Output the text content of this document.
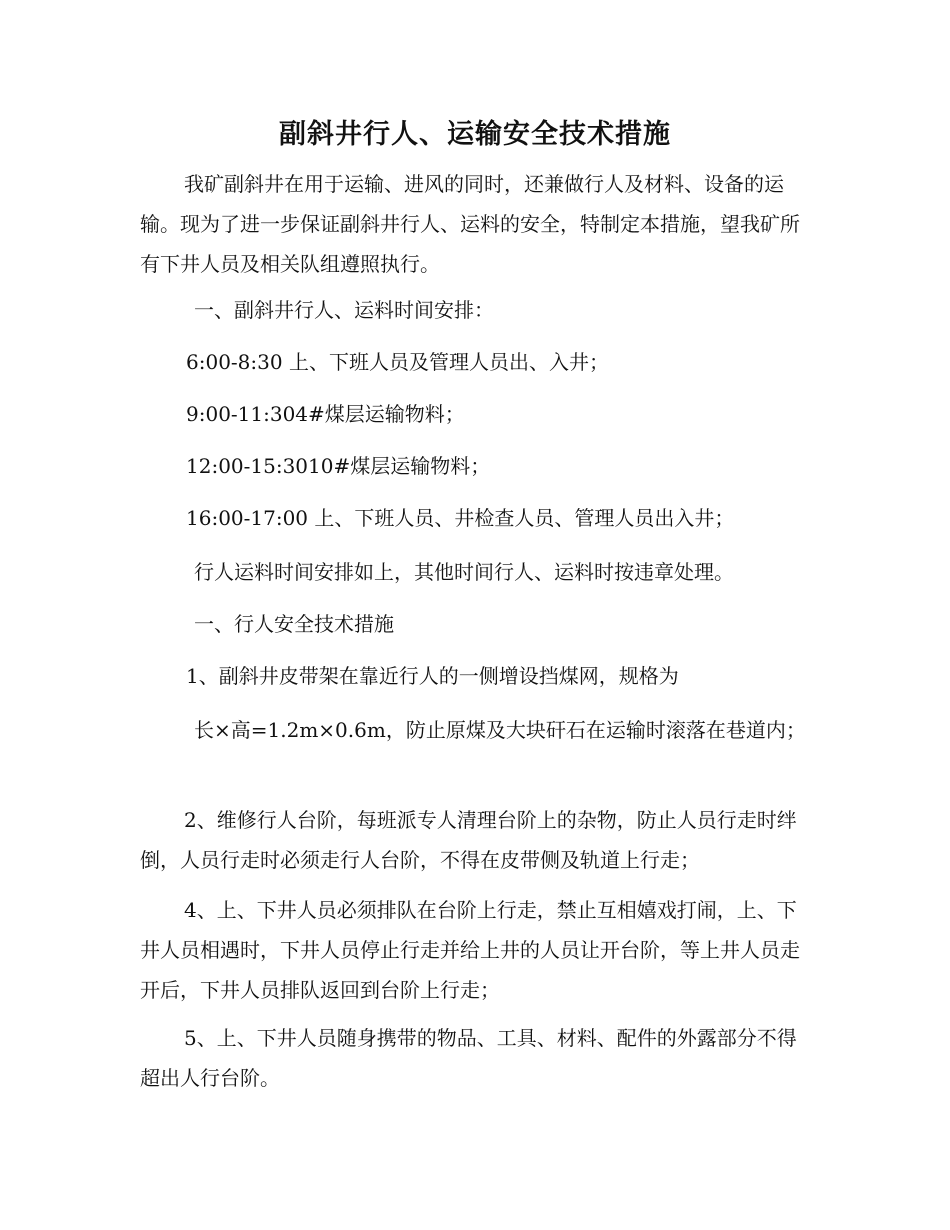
副斜井行人、运输安全技术措施

我矿副斜井在用于运输、进风的同时，还兼做行人及材料、设备的运输。现为了进一步保证副斜井行人、运料的安全，特制定本措施，望我矿所有下井人员及相关队组遵照执行。

一、副斜井行人、运料时间安排：

6:00-8:30 上、下班人员及管理人员出、入井；

9:00-11:304#煤层运输物料；

12:00-15:3010#煤层运输物料；

16:00-17:00 上、下班人员、井检查人员、管理人员出入井；

行人运料时间安排如上，其他时间行人、运料时按违章处理。

一、行人安全技术措施

1、副斜井皮带架在靠近行人的一侧增设挡煤网，规格为

长×高=1.2m×0.6m，防止原煤及大块矸石在运输时滚落在巷道内；

2、维修行人台阶，每班派专人清理台阶上的杂物，防止人员行走时绊倒，人员行走时必须走行人台阶，不得在皮带侧及轨道上行走；

4、上、下井人员必须排队在台阶上行走，禁止互相嬉戏打闹，上、下井人员相遇时，下井人员停止行走并给上井的人员让开台阶，等上井人员走开后，下井人员排队返回到台阶上行走；

5、上、下井人员随身携带的物品、工具、材料、配件的外露部分不得超出人行台阶。
